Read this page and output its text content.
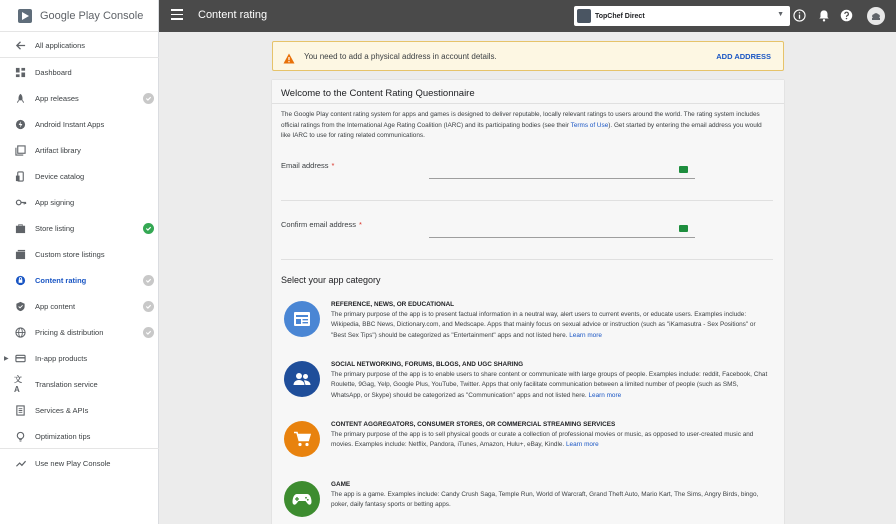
Google Play Console
All applications
Dashboard
App releases
Android Instant Apps
Artifact library
Device catalog
App signing
Store listing
Custom store listings
Content rating
App content
Pricing & distribution
▶	In-app products
文A
Translation service
Services & APIs
Optimization tips
Use new Play Console
Content rating	TopChef Direct	▼
You need to add a physical address in account details.	ADD ADDRESS
Welcome to the Content Rating Questionnaire
The Google Play content rating system for apps and games is designed to deliver reputable, locally relevant ratings to users around the world. The rating system includes official ratings from the International Age Rating Coalition (IARC) and its participating bodies (see their Terms of Use). Get started by entering the email address you would like IARC to use for rating related communications.
Email address *
Confirm email address *
Select your app category
REFERENCE, NEWS, OR EDUCATIONAL
The primary purpose of the app is to present factual information in a neutral way, alert users to current events, or educate users. Examples include: Wikipedia, BBC News, Dictionary.com, and Medscape. Apps that mainly focus on sexual advice or instruction (such as "iKamasutra - Sex Positions" or "Best Sex Tips") should be categorized as "Entertainment" apps and not listed here. Learn more
SOCIAL NETWORKING, FORUMS, BLOGS, AND UGC SHARING
The primary purpose of the app is to enable users to share content or communicate with large groups of people. Examples include: reddit, Facebook, Chat Roulette, 9Gag, Yelp, Google Plus, YouTube, Twitter. Apps that only facilitate communication between a limited number of people (such as SMS, WhatsApp, or Skype) should be categorized as "Communication" apps and not listed here. Learn more
CONTENT AGGREGATORS, CONSUMER STORES, OR COMMERCIAL STREAMING SERVICES
The primary purpose of the app is to sell physical goods or curate a collection of professional movies or music, as opposed to user-created music and movies. Examples include: Netflix, Pandora, iTunes, Amazon, Hulu+, eBay, Kindle. Learn more
GAME
The app is a game. Examples include: Candy Crush Saga, Temple Run, World of Warcraft, Grand Theft Auto, Mario Kart, The Sims, Angry Birds, bingo, poker, daily fantasy sports or betting apps.
